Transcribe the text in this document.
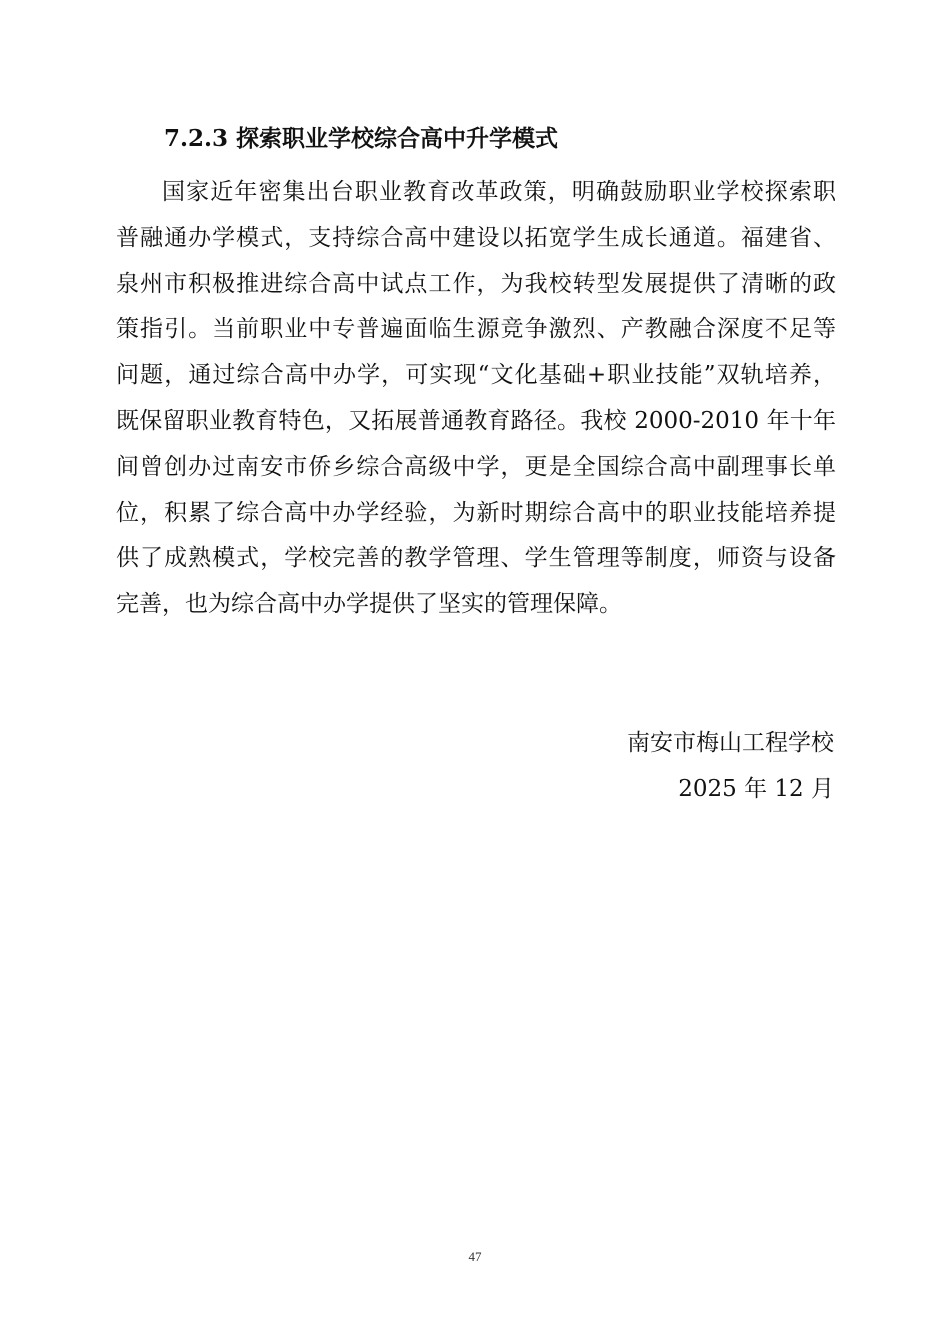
7.2.3 探索职业学校综合高中升学模式
国家近年密集出台职业教育改革政策，明确鼓励职业学校探索职
普融通办学模式，支持综合高中建设以拓宽学生成长通道。福建省、
泉州市积极推进综合高中试点工作，为我校转型发展提供了清晰的政
策指引。当前职业中专普遍面临生源竞争激烈、产教融合深度不足等
问题，通过综合高中办学，可实现“文化基础+职业技能”双轨培养，
既保留职业教育特色，又拓展普通教育路径。我校 2000-2010 年十年
间曾创办过南安市侨乡综合高级中学，更是全国综合高中副理事长单
位，积累了综合高中办学经验，为新时期综合高中的职业技能培养提
供了成熟模式，学校完善的教学管理、学生管理等制度，师资与设备
完善，也为综合高中办学提供了坚实的管理保障。
南安市梅山工程学校
2025 年 12 月
47
